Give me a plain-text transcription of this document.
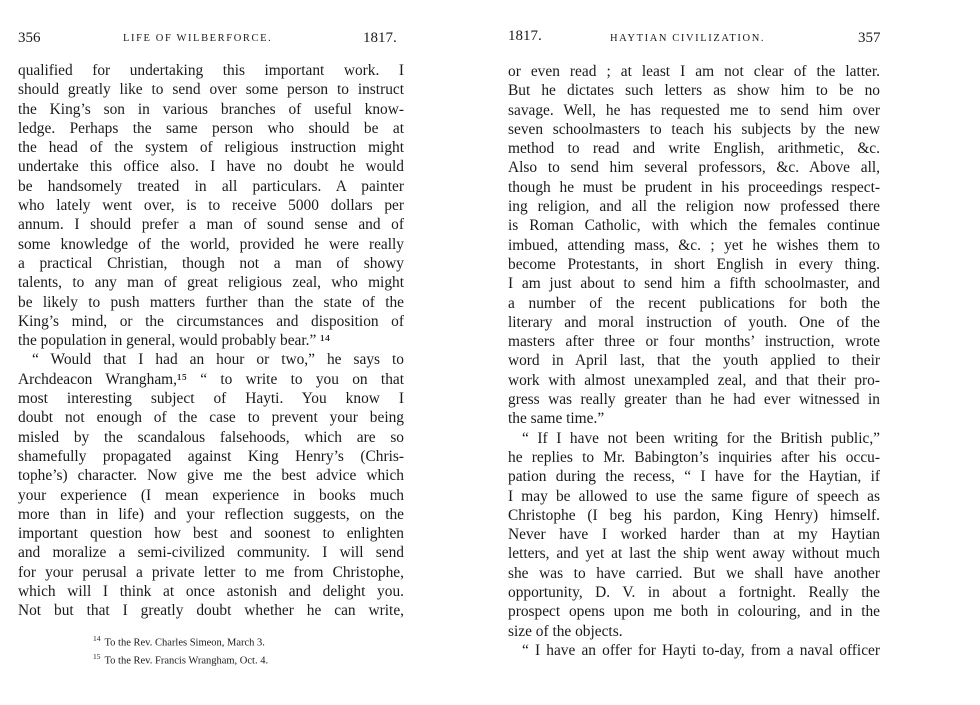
356	LIFE OF WILBERFORCE.	1817.
qualified for undertaking this important work. I
should greatly like to send over some person to instruct
the King’s son in various branches of useful know-
ledge. Perhaps the same person who should be at
the head of the system of religious instruction might
undertake this office also. I have no doubt he would
be handsomely treated in all particulars. A painter
who lately went over, is to receive 5000 dollars per
annum. I should prefer a man of sound sense and of
some knowledge of the world, provided he were really
a practical Christian, though not a man of showy
talents, to any man of great religious zeal, who might
be likely to push matters further than the state of the
King’s mind, or the circumstances and disposition of
the population in general, would probably bear.” ¹⁴
“ Would that I had an hour or two,” he says to
Archdeacon Wrangham,¹⁵ “ to write to you on that
most interesting subject of Hayti. You know I
doubt not enough of the case to prevent your being
misled by the scandalous falsehoods, which are so
shamefully propagated against King Henry’s (Chris-
tophe’s) character. Now give me the best advice which
your experience (I mean experience in books much
more than in life) and your reflection suggests, on the
important question how best and soonest to enlighten
and moralize a semi-civilized community. I will send
for your perusal a private letter to me from Christophe,
which will I think at once astonish and delight you.
Not but that I greatly doubt whether he can write,
$^{14}$ To the Rev. Charles Simeon, March 3.
$^{15}$ To the Rev. Francis Wrangham, Oct. 4.
1817.	HAYTIAN CIVILIZATION.	357
or even read ; at least I am not clear of the latter.
But he dictates such letters as show him to be no
savage. Well, he has requested me to send him over
seven schoolmasters to teach his subjects by the new
method to read and write English, arithmetic, &c.
Also to send him several professors, &c. Above all,
though he must be prudent in his proceedings respect-
ing religion, and all the religion now professed there
is Roman Catholic, with which the females continue
imbued, attending mass, &c. ; yet he wishes them to
become Protestants, in short English in every thing.
I am just about to send him a fifth schoolmaster, and
a number of the recent publications for both the
literary and moral instruction of youth. One of the
masters after three or four months’ instruction, wrote
word in April last, that the youth applied to their
work with almost unexampled zeal, and that their pro-
gress was really greater than he had ever witnessed in
the same time.”
“ If I have not been writing for the British public,”
he replies to Mr. Babington’s inquiries after his occu-
pation during the recess, “ I have for the Haytian, if
I may be allowed to use the same figure of speech as
Christophe (I beg his pardon, King Henry) himself.
Never have I worked harder than at my Haytian
letters, and yet at last the ship went away without much
she was to have carried. But we shall have another
opportunity, D. V. in about a fortnight. Really the
prospect opens upon me both in colouring, and in the
size of the objects.
“ I have an offer for Hayti to-day, from a naval officer
